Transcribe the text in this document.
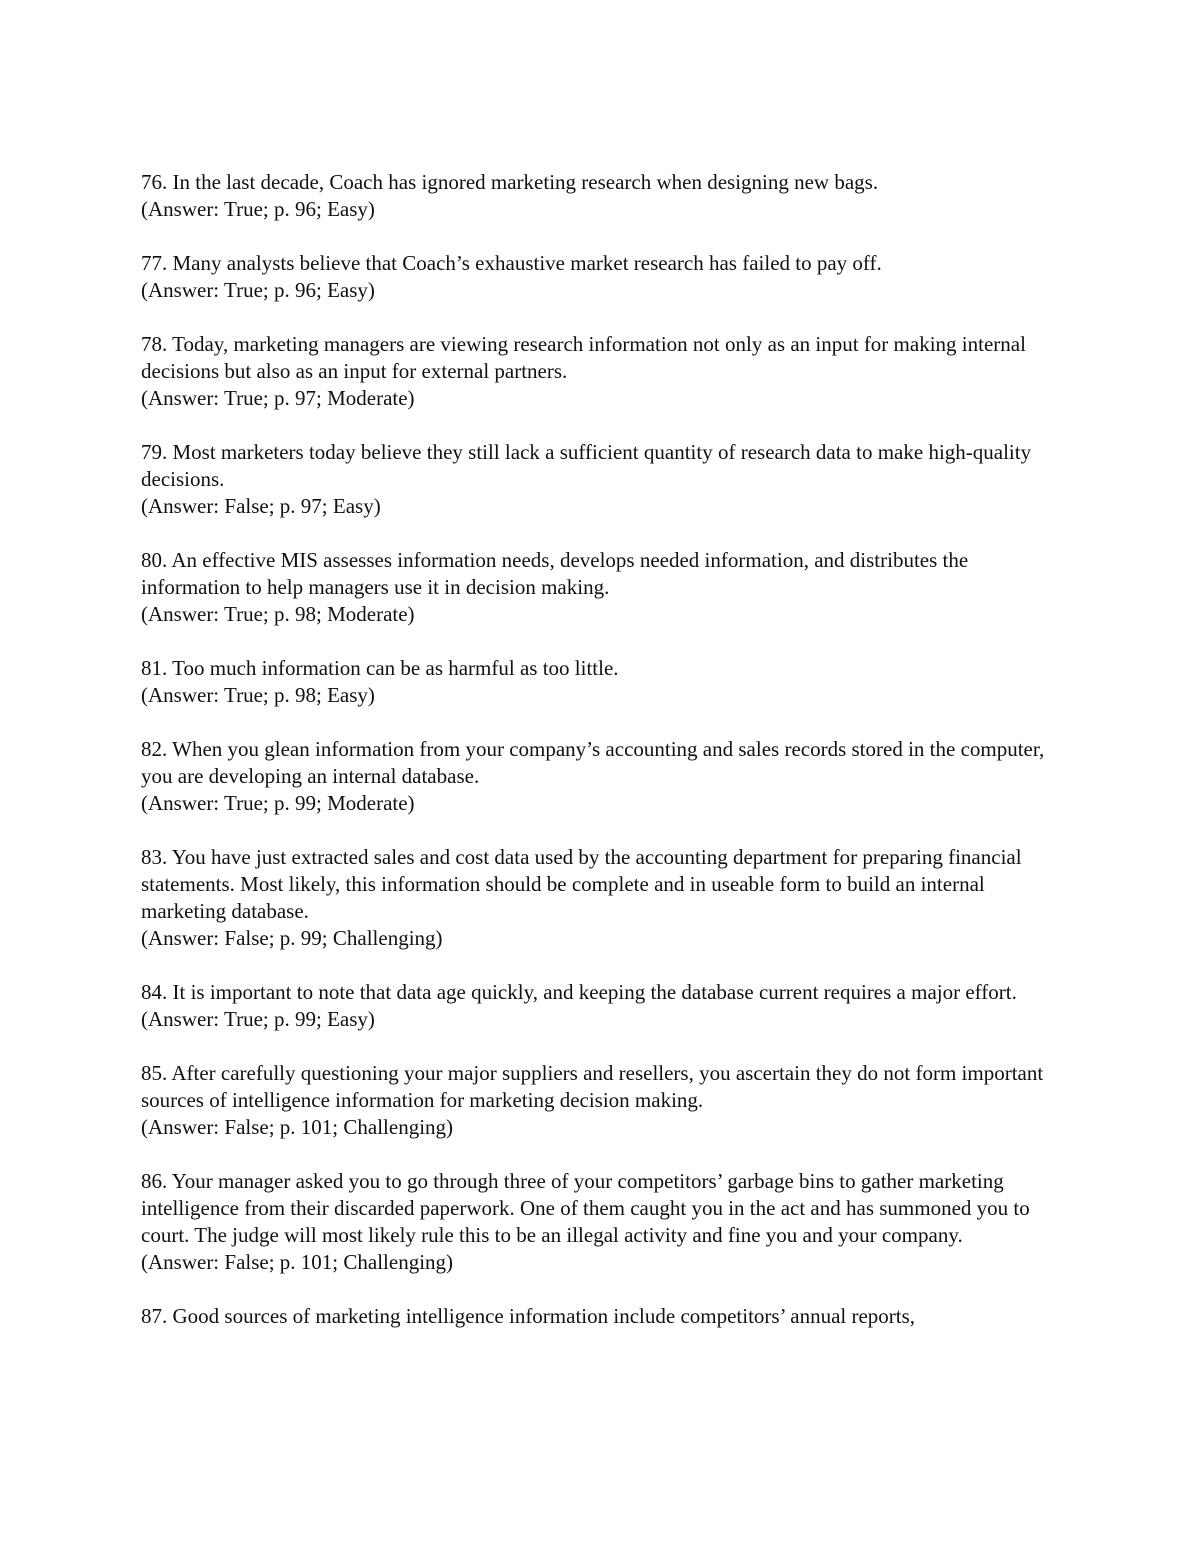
76. In the last decade, Coach has ignored marketing research when designing new bags.
(Answer: True; p. 96; Easy)
77. Many analysts believe that Coach’s exhaustive market research has failed to pay off.
(Answer: True; p. 96; Easy)
78. Today, marketing managers are viewing research information not only as an input for making internal decisions but also as an input for external partners.
(Answer: True; p. 97; Moderate)
79. Most marketers today believe they still lack a sufficient quantity of research data to make high-quality decisions.
(Answer: False; p. 97; Easy)
80. An effective MIS assesses information needs, develops needed information, and distributes the information to help managers use it in decision making.
(Answer: True; p. 98; Moderate)
81. Too much information can be as harmful as too little.
(Answer: True; p. 98; Easy)
82. When you glean information from your company’s accounting and sales records stored in the computer, you are developing an internal database.
(Answer: True; p. 99; Moderate)
83. You have just extracted sales and cost data used by the accounting department for preparing financial statements. Most likely, this information should be complete and in useable form to build an internal marketing database.
(Answer: False; p. 99; Challenging)
84. It is important to note that data age quickly, and keeping the database current requires a major effort.
(Answer: True; p. 99; Easy)
85. After carefully questioning your major suppliers and resellers, you ascertain they do not form important sources of intelligence information for marketing decision making.
(Answer: False; p. 101; Challenging)
86. Your manager asked you to go through three of your competitors’ garbage bins to gather marketing intelligence from their discarded paperwork. One of them caught you in the act and has summoned you to court. The judge will most likely rule this to be an illegal activity and fine you and your company.
(Answer: False; p. 101; Challenging)
87. Good sources of marketing intelligence information include competitors’ annual reports,
